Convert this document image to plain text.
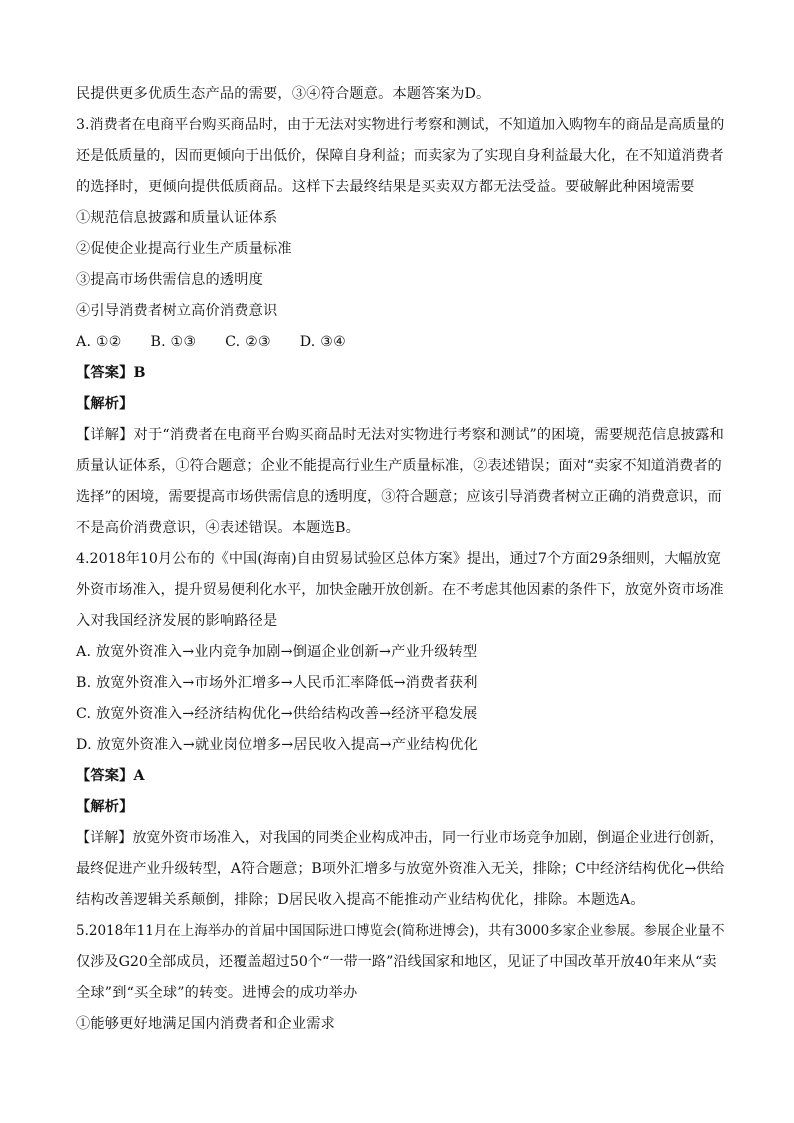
民提供更多优质生态产品的需要，③④符合题意。本题答案为D。
3.消费者在电商平台购买商品时，由于无法对实物进行考察和测试，不知道加入购物车的商品是高质量的
还是低质量的，因而更倾向于出低价，保障自身利益；而卖家为了实现自身利益最大化，在不知道消费者
的选择时，更倾向提供低质商品。这样下去最终结果是买卖双方都无法受益。要破解此种困境需要
①规范信息披露和质量认证体系
②促使企业提高行业生产质量标准
③提高市场供需信息的透明度
④引导消费者树立高价消费意识
A. ①②　　B. ①③　　C. ②③　　D. ③④
【答案】B
【解析】
【详解】对于“消费者在电商平台购买商品时无法对实物进行考察和测试”的困境，需要规范信息披露和
质量认证体系，①符合题意；企业不能提高行业生产质量标准，②表述错误；面对“卖家不知道消费者的
选择”的困境，需要提高市场供需信息的透明度，③符合题意；应该引导消费者树立正确的消费意识，而
不是高价消费意识，④表述错误。本题选B。
4.2018年10月公布的《中国(海南)自由贸易试验区总体方案》提出，通过7个方面29条细则，大幅放宽
外资市场准入，提升贸易便利化水平，加快金融开放创新。在不考虑其他因素的条件下，放宽外资市场准
入对我国经济发展的影响路径是
A. 放宽外资准入→业内竞争加剧→倒逼企业创新→产业升级转型
B. 放宽外资准入→市场外汇增多→人民币汇率降低→消费者获利
C. 放宽外资准入→经济结构优化→供给结构改善→经济平稳发展
D. 放宽外资准入→就业岗位增多→居民收入提高→产业结构优化
【答案】A
【解析】
【详解】放宽外资市场准入，对我国的同类企业构成冲击，同一行业市场竞争加剧，倒逼企业进行创新，
最终促进产业升级转型，A符合题意；B项外汇增多与放宽外资准入无关，排除；C中经济结构优化→供给
结构改善逻辑关系颠倒，排除；D居民收入提高不能推动产业结构优化，排除。本题选A。
5.2018年11月在上海举办的首届中国国际进口博览会(简称进博会)，共有3000多家企业参展。参展企业量不
仅涉及G20全部成员，还覆盖超过50个“一带一路”沿线国家和地区，见证了中国改革开放40年来从“卖
全球”到“买全球”的转变。进博会的成功举办
①能够更好地满足国内消费者和企业需求
